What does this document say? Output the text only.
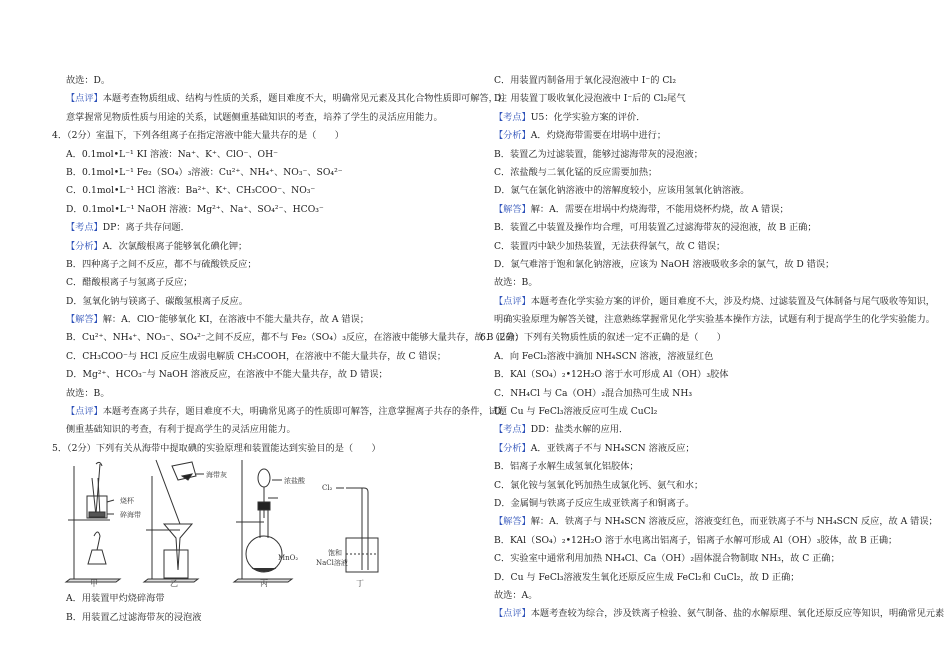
故选：D。
【点评】本题考查物质组成、结构与性质的关系，题目难度不大，明确常见元素及其化合物性质即可解答，注
意掌握常见物质性质与用途的关系，试题侧重基础知识的考查，培养了学生的灵活应用能力。
4．（2分）室温下，下列各组离子在指定溶液中能大量共存的是（　　）
A．0.1mol•L⁻¹ KI 溶液：Na⁺、K⁺、ClO⁻、OH⁻
B．0.1mol•L⁻¹ Fe₂（SO₄）₃溶液：Cu²⁺、NH₄⁺、NO₃⁻、SO₄²⁻
C．0.1mol•L⁻¹ HCl 溶液：Ba²⁺、K⁺、CH₃COO⁻、NO₃⁻
D．0.1mol•L⁻¹ NaOH 溶液：Mg²⁺、Na⁺、SO₄²⁻、HCO₃⁻
【考点】DP：离子共存问题．
【分析】A．次氯酸根离子能够氧化碘化钾；
B．四种离子之间不反应，都不与硫酸铁反应；
C．醋酸根离子与氢离子反应；
D．氢氧化钠与镁离子、碳酸氢根离子反应。
【解答】解：A．ClO⁻能够氧化 KI，在溶液中不能大量共存，故 A 错误；
B．Cu²⁺、NH₄⁺、NO₃⁻、SO₄²⁻之间不反应，都不与 Fe₂（SO₄）₃反应，在溶液中能够大量共存，故 B 正确；
C．CH₃COO⁻与 HCl 反应生成弱电解质 CH₃COOH，在溶液中不能大量共存，故 C 错误；
D．Mg²⁺、HCO₃⁻与 NaOH 溶液反应，在溶液中不能大量共存，故 D 错误；
故选：B。
【点评】本题考查离子共存，题目难度不大，明确常见离子的性质即可解答，注意掌握离子共存的条件，试题
侧重基础知识的考查，有利于提高学生的灵活应用能力。
5．（2分）下列有关从海带中提取碘的实验原理和装置能达到实验目的是（　　）
烧杯
碎海带
海带灰
浓盐酸
MnO₂
Cl₂
饱和
NaCl溶液
甲	乙	丙	丁
A．用装置甲灼烧碎海带
B．用装置乙过滤海带灰的浸泡液
C．用装置丙制备用于氧化浸泡液中 I⁻的 Cl₂
D．用装置丁吸收氧化浸泡液中 I⁻后的 Cl₂尾气
【考点】U5：化学实验方案的评价．
【分析】A．灼烧海带需要在坩埚中进行；
B．装置乙为过滤装置，能够过滤海带灰的浸泡液；
C．浓盐酸与二氧化锰的反应需要加热；
D．氯气在氯化钠溶液中的溶解度较小，应该用氢氧化钠溶液。
【解答】解：A．需要在坩埚中灼烧海带，不能用烧杯灼烧，故 A 错误；
B．装置乙中装置及操作均合理，可用装置乙过滤海带灰的浸泡液，故 B 正确；
C．装置丙中缺少加热装置，无法获得氯气，故 C 错误；
D．氯气难溶于饱和氯化钠溶液，应该为 NaOH 溶液吸收多余的氯气，故 D 错误；
故选：B。
【点评】本题考查化学实验方案的评价，题目难度不大，涉及灼烧、过滤装置及气体制备与尾气吸收等知识，
明确实验原理为解答关键，注意熟练掌握常见化学实验基本操作方法，试题有利于提高学生的化学实验能力。
6．（2分）下列有关物质性质的叙述一定不正确的是（　　）
A．向 FeCl₂溶液中滴加 NH₄SCN 溶液，溶液显红色
B．KAl（SO₄）₂•12H₂O 溶于水可形成 Al（OH）₃胶体
C．NH₄Cl 与 Ca（OH）₂混合加热可生成 NH₃
D．Cu 与 FeCl₃溶液反应可生成 CuCl₂
【考点】DD：盐类水解的应用．
【分析】A．亚铁离子不与 NH₄SCN 溶液反应；
B．铝离子水解生成氢氧化铝胶体；
C．氯化铵与氢氧化钙加热生成氯化钙、氨气和水；
D．金属铜与铁离子反应生成亚铁离子和铜离子。
【解答】解：A．铁离子与 NH₄SCN 溶液反应，溶液变红色，而亚铁离子不与 NH₄SCN 反应，故 A 错误；
B．KAl（SO₄）₂•12H₂O 溶于水电离出铝离子，铝离子水解可形成 Al（OH）₃胶体，故 B 正确；
C．实验室中通常利用加热 NH₄Cl、Ca（OH）₂固体混合物制取 NH₃，故 C 正确；
D．Cu 与 FeCl₃溶液发生氧化还原反应生成 FeCl₂和 CuCl₂，故 D 正确；
故选：A。
【点评】本题考查较为综合，涉及铁离子检验、氨气制备、盐的水解原理、氧化还原反应等知识，明确常见元素
